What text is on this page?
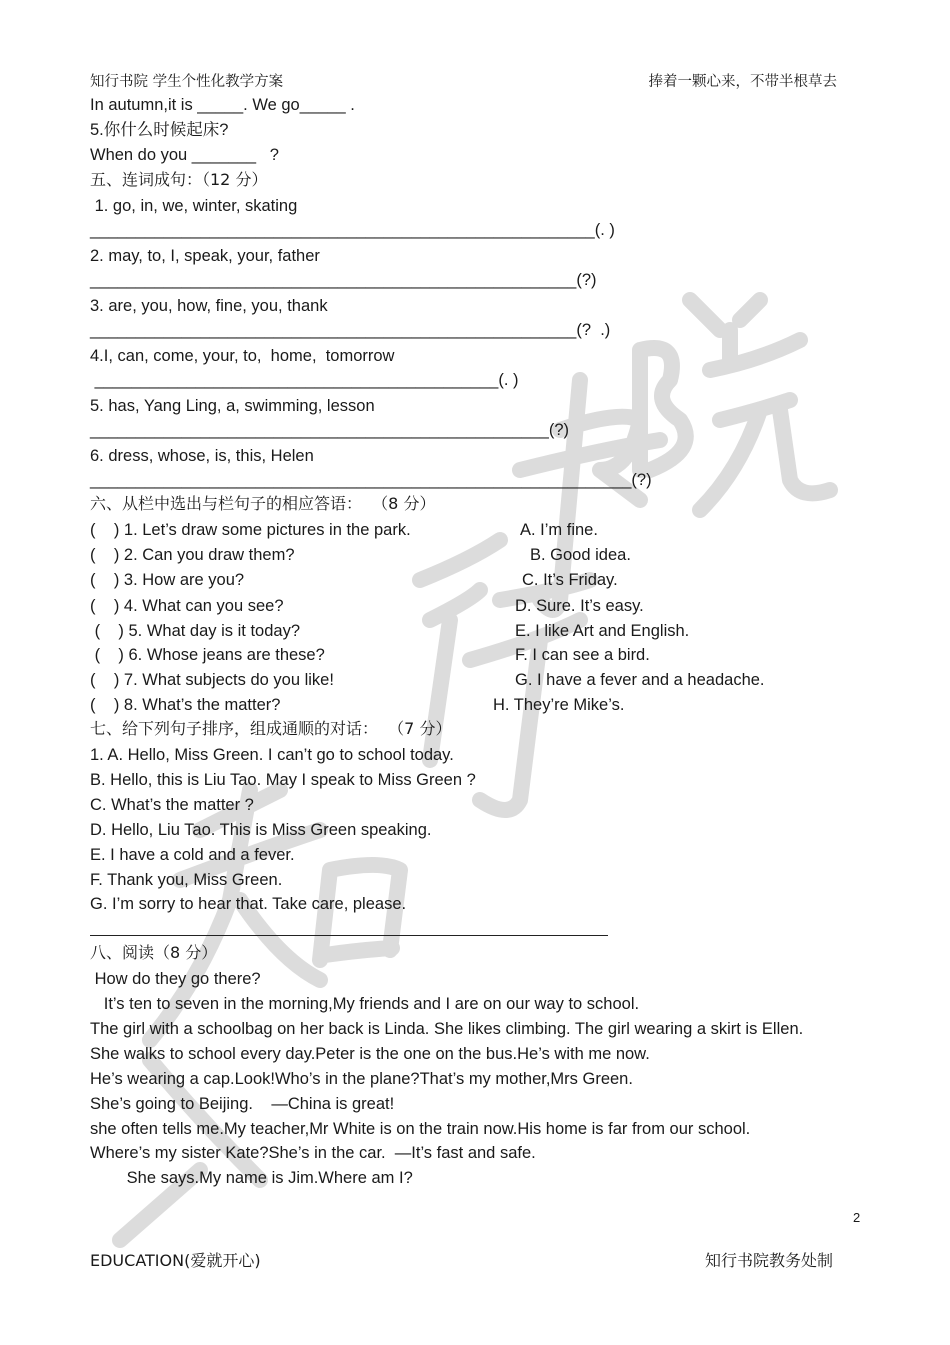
知行书院 学生个性化教学方案	捧着一颗心来，不带半根草去
In autumn,it is _____. We go_____ .
5.你什么时候起床?
When do you _______   ?
五、连词成句：（12 分）
1. go, in, we, winter, skating
_______________________________________________________(. )
2. may, to, I, speak, your, father
_____________________________________________________(?)
3. are, you, how, fine, you, thank
_____________________________________________________(?  .)
4.I, can, come, your, to,  home,  tomorrow
____________________________________________(. )
5. has, Yang Ling, a, swimming, lesson
__________________________________________________(?)
6. dress, whose, is, this, Helen
___________________________________________________________(?)
六、从栏中选出与栏句子的相应答语：  （8 分）
(    ) 1. Let’s draw some pictures in the park.
(    ) 2. Can you draw them?
(    ) 3. How are you?
(    ) 4. What can you see?
(    ) 5. What day is it today?
(    ) 6. Whose jeans are these?
(    ) 7. What subjects do you like!
(    ) 8. What’s the matter?
A. I’m fine.
B. Good idea.
C. It’s Friday.
D. Sure. It’s easy.
E. I like Art and English.
F. I can see a bird.
G. I have a fever and a headache.
H. They’re Mike’s.
七、给下列句子排序，组成通顺的对话：  （7 分）
1. A. Hello, Miss Green. I can’t go to school today.
B. Hello, this is Liu Tao. May I speak to Miss Green ?
C. What’s the matter ?
D. Hello, Liu Tao. This is Miss Green speaking.
E. I have a cold and a fever.
F. Thank you, Miss Green.
G. I’m sorry to hear that. Take care, please.
八、阅读（8 分）
How do they go there?
It’s ten to seven in the morning,My friends and I are on our way to school.
The girl with a schoolbag on her back is Linda. She likes climbing. The girl wearing a skirt is Ellen.
She walks to school every day.Peter is the one on the bus.He’s with me now.
He’s wearing a cap.Look!Who’s in the plane?That’s my mother,Mrs Green.
She’s going to Beijing.    —China is great!
she often tells me.My teacher,Mr White is on the train now.His home is far from our school.
Where’s my sister Kate?She’s in the car.  —It’s fast and safe.
She says.My name is Jim.Where am I?
2
EDUCATION(爱就开心)	知行书院教务处制
